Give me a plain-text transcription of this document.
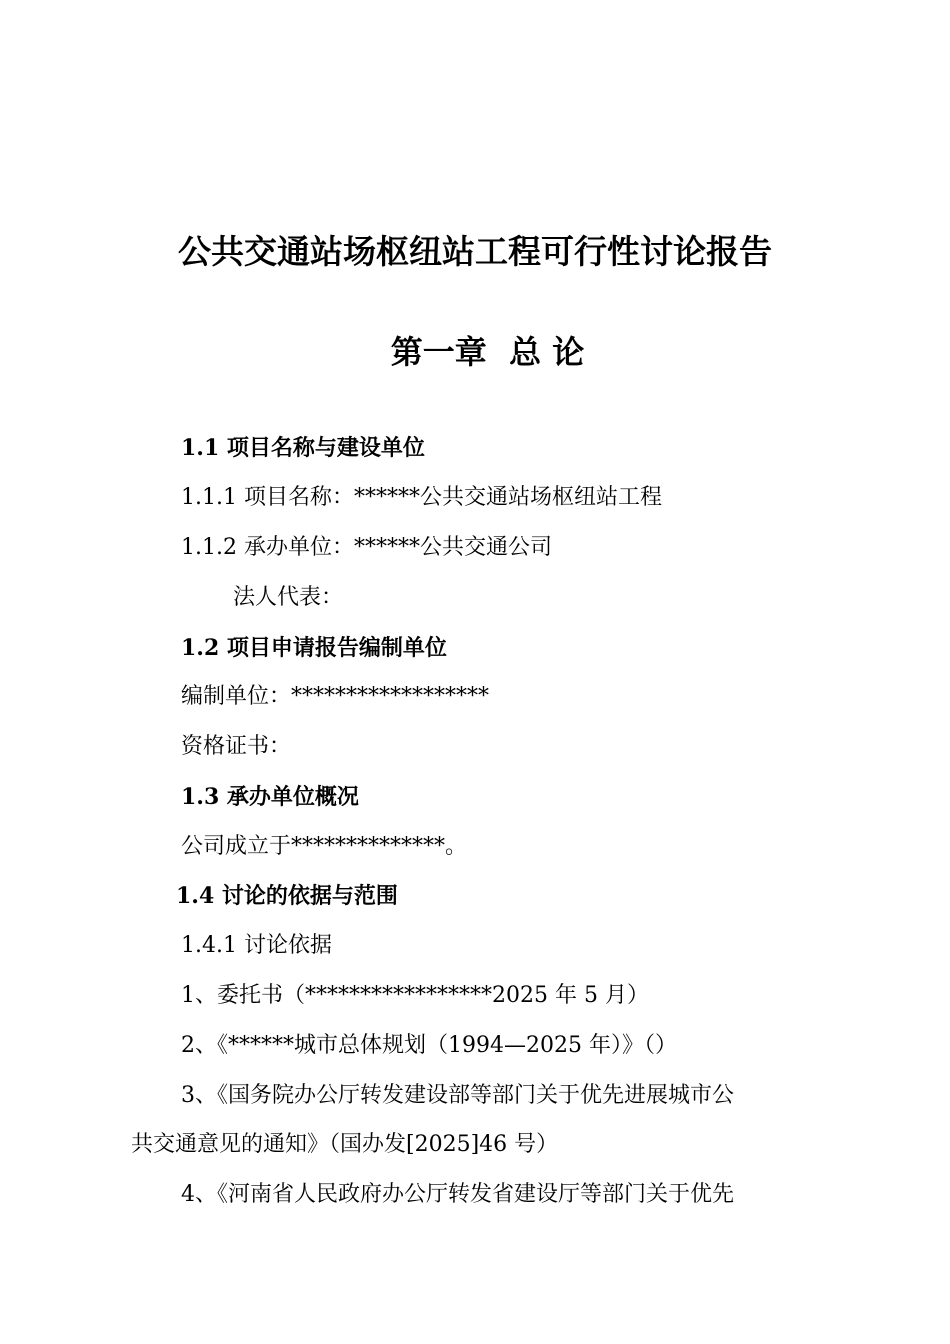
公共交通站场枢纽站工程可行性讨论报告
第一章  总 论
1.1 项目名称与建设单位
1.1.1 项目名称：******公共交通站场枢纽站工程
1.1.2 承办单位：******公共交通公司
法人代表：
1.2 项目申请报告编制单位
编制单位：******************
资格证书：
1.3 承办单位概况
公司成立于**************。
1.4 讨论的依据与范围
1.4.1 讨论依据
1、委托书（*****************2025 年 5 月）
2、《******城市总体规划（1994—2025 年）》（）
3、《国务院办公厅转发建设部等部门关于优先进展城市公
共交通意见的通知》（国办发[2025]46 号）
4、《河南省人民政府办公厅转发省建设厅等部门关于优先
